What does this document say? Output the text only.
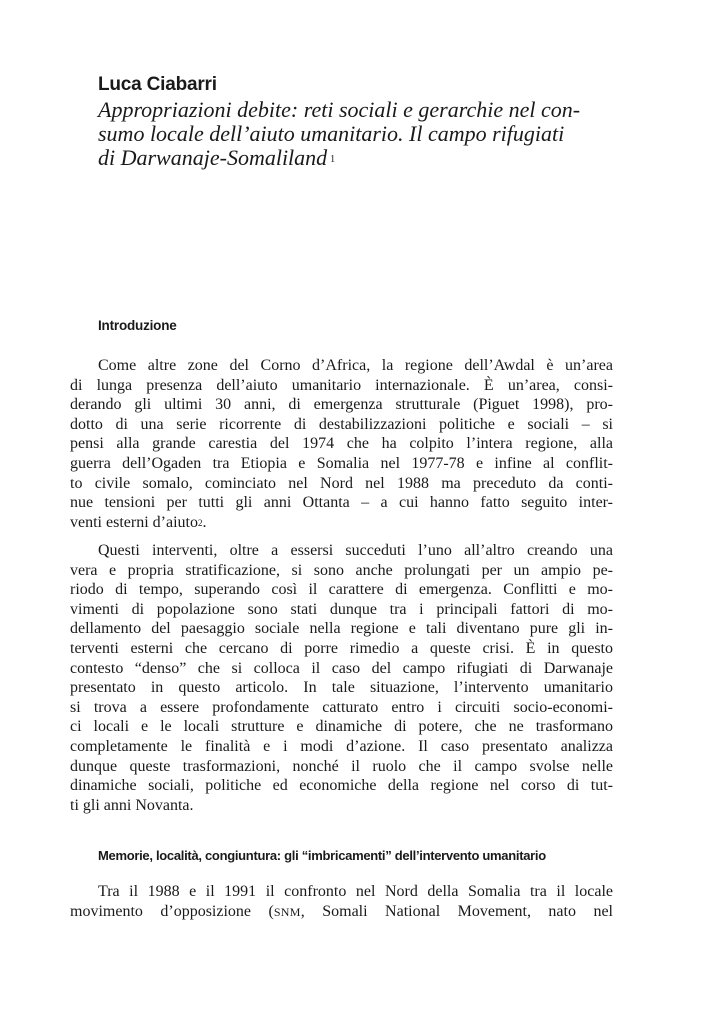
Luca Ciabarri
Appropriazioni debite: reti sociali e gerarchie nel con-
sumo locale dell’aiuto umanitario. Il campo rifugiati
di Darwanaje-Somaliland $^1$
Introduzione
Come altre zone del Corno d’Africa, la regione dell’Awdal è un’area
di lunga presenza dell’aiuto umanitario internazionale. È un’area, consi-
derando gli ultimi 30 anni, di emergenza strutturale (Piguet 1998), pro-
dotto di una serie ricorrente di destabilizzazioni politiche e sociali – si
pensi alla grande carestia del 1974 che ha colpito l’intera regione, alla
guerra dell’Ogaden tra Etiopia e Somalia nel 1977-78 e infine al conflit-
to civile somalo, cominciato nel Nord nel 1988 ma preceduto da conti-
nue tensioni per tutti gli anni Ottanta – a cui hanno fatto seguito inter-
venti esterni d’aiuto$^2$.
Questi interventi, oltre a essersi succeduti l’uno all’altro creando una
vera e propria stratificazione, si sono anche prolungati per un ampio pe-
riodo di tempo, superando così il carattere di emergenza. Conflitti e mo-
vimenti di popolazione sono stati dunque tra i principali fattori di mo-
dellamento del paesaggio sociale nella regione e tali diventano pure gli in-
terventi esterni che cercano di porre rimedio a queste crisi. È in questo
contesto “denso” che si colloca il caso del campo rifugiati di Darwanaje
presentato in questo articolo. In tale situazione, l’intervento umanitario
si trova a essere profondamente catturato entro i circuiti socio-economi-
ci locali e le locali strutture e dinamiche di potere, che ne trasformano
completamente le finalità e i modi d’azione. Il caso presentato analizza
dunque queste trasformazioni, nonché il ruolo che il campo svolse nelle
dinamiche sociali, politiche ed economiche della regione nel corso di tut-
ti gli anni Novanta.
Memorie, località, congiuntura: gli “imbricamenti” dell’intervento umanitario
Tra il 1988 e il 1991 il confronto nel Nord della Somalia tra il locale
movimento d’opposizione (SNM, Somali National Movement, nato nel
